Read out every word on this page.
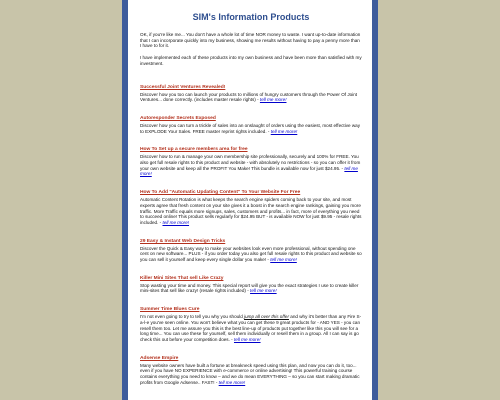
SIM's Information Products

OK, if you're like me... You don't have a whole lot of time NOR money to waste. I want up-to-date information that I can incorporate quickly into my business, showing me results without having to pay a penny more than I have to for it.

I have implemented each of these products into my own business and have been more than satisfied with my investment.

Successful Joint Ventures Revealed!

Discover how you too can launch your products to millions of hungry customers through the Power Of Joint Ventures... done correctly. (includes master resale rights) - tell me more!

Autoresponder Secrets Exposed

Discover how you can turn a trickle of sales into an onslaught of orders using the easiest, most effective way to EXPLODE Your Sales. FREE master reprint rights included. - tell me more!

How To Set up a secure members area for free

Discover how to run & manage your own membership site professionally, securely and 100% for FREE. You also get full resale rights to this product and website - with absolutely no restrictions - so you can offer it from your own website and keep all the PROFIT You Make! This bundle is available now for just $24.95. - tell me more!

How To Add "Automatic Updating Content" To Your Website For Free

Automatic Content Rotation is what keeps the search engine spiders coming back to your site, and most experts agree that fresh content on your site gives it a boost in the search engine rankings, gaining you more traffic. More Traffic equals more signups, sales, customers and profits... in fact, more of everything you need to succeed online! This product sells regularly for $24.95 BUT - is available NOW for just $9.95 - resale rights included. - tell me more!

29 Easy & Instant Web Design Tricks

Discover the Quick & Easy way to make your websites look even more professional, without spending one cent on new software... PLUS - if you order today you also get full resale rights to this product and website so you can sell it yourself and keep every single dollar you make! - tell me more!

Killer Mini Sites That sell Like Crazy

Stop wasting your time and money. This special report will give you the exact strategies I use to create killer mini-sites that sell like crazy! (resale rights included) - tell me more!

Summer Time Blues Cure

I'm not even going to try to tell you why you should jump all over this offer and why it's better than any Fire S-a-l-e you've seen online. You won't believe what you can get these 9 great products for - AND YES - you can resell them too. Let me assure you this is the best line-up of products put together like this you will see for a long time... You can use these for yourself, sell them individually or resell them in a group. All I can say is go check this out before your competition does. - tell me more!

Adsense Empire

Many website owners have built a fortune at breakneck speed using this plan, and now you can do it, too... even if you have NO EXPERIENCE with e-commerce or online advertising! This powerful training course contains everything you need to know – and we do mean EVERYTHING – so you can start making dramatic profits from Google Adsense.. FAST! - tell me more!
